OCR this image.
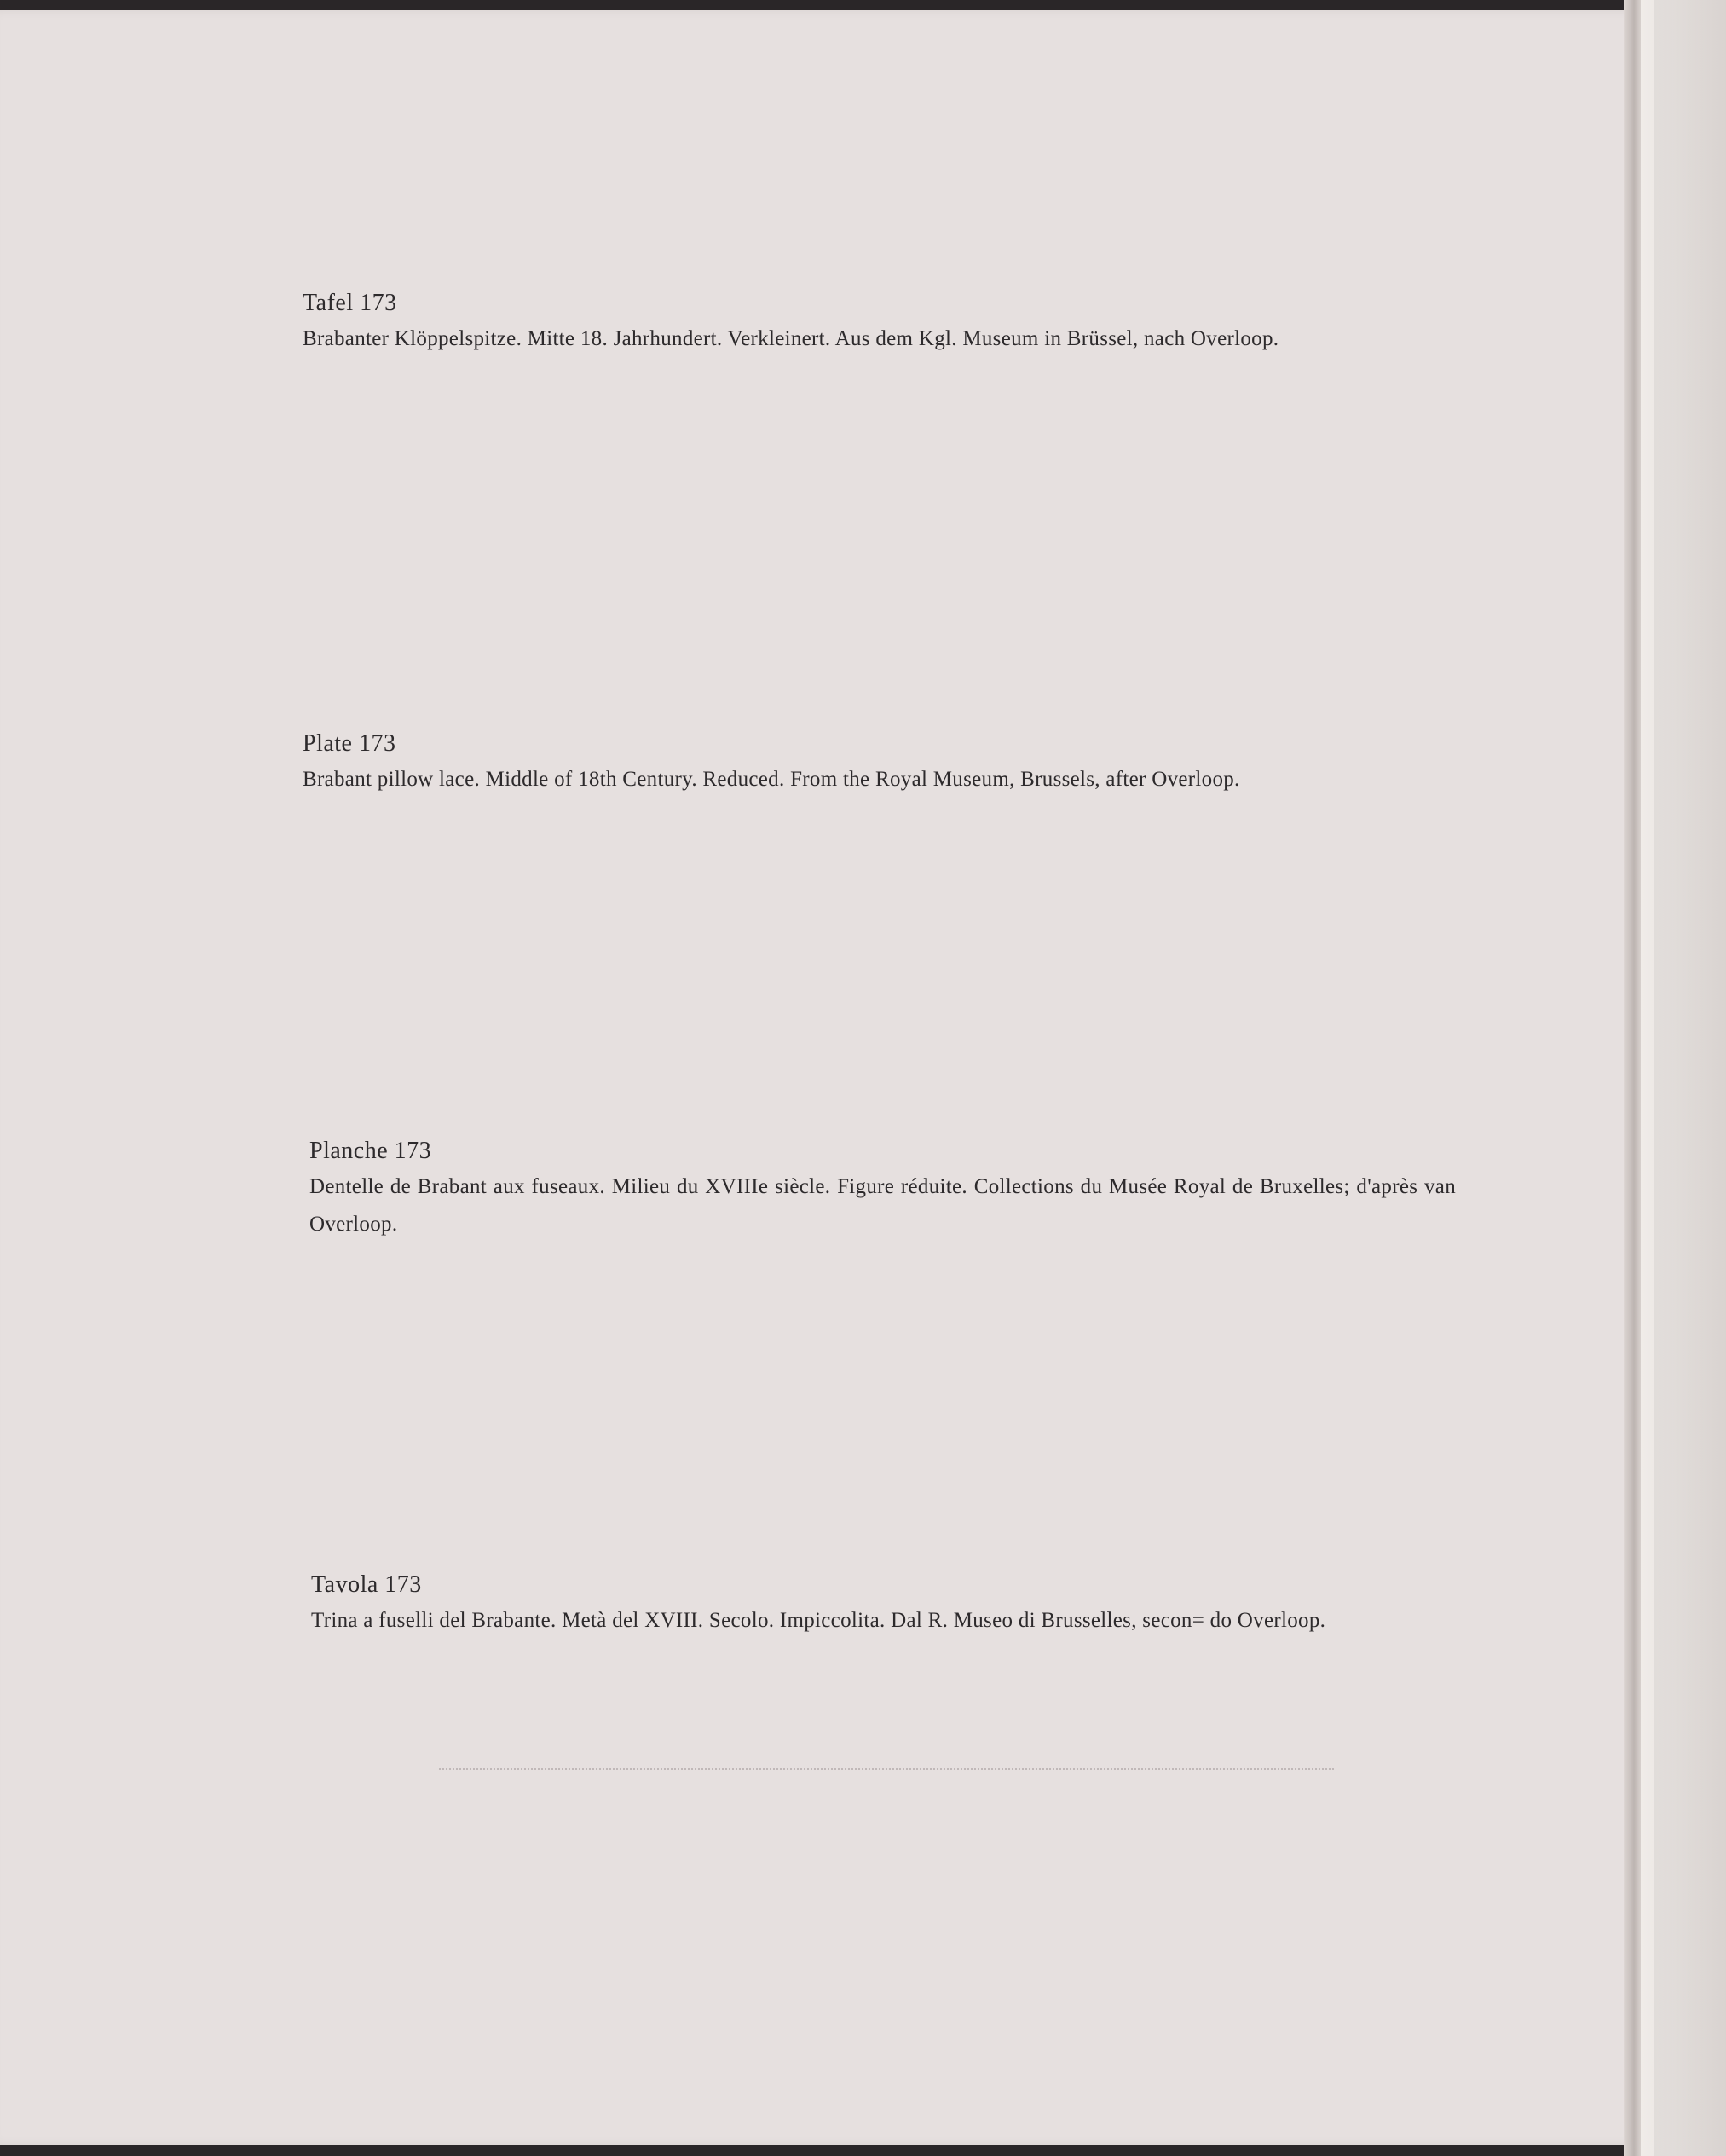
Tafel 173
Brabanter Klöppelspitze. Mitte 18. Jahrhundert. Verkleinert. Aus dem Kgl. Museum in Brüssel, nach Overloop.
Plate 173
Brabant pillow lace. Middle of 18th Century. Reduced. From the Royal Museum, Brussels, after Overloop.
Planche 173
Dentelle de Brabant aux fuseaux. Milieu du XVIIIe siècle. Figure réduite. Collections du Musée Royal de Bruxelles; d'après van Overloop.
Tavola 173
Trina a fuselli del Brabante. Metà del XVIII. Secolo. Impiccolita. Dal R. Museo di Brusselles, secon= do Overloop.
